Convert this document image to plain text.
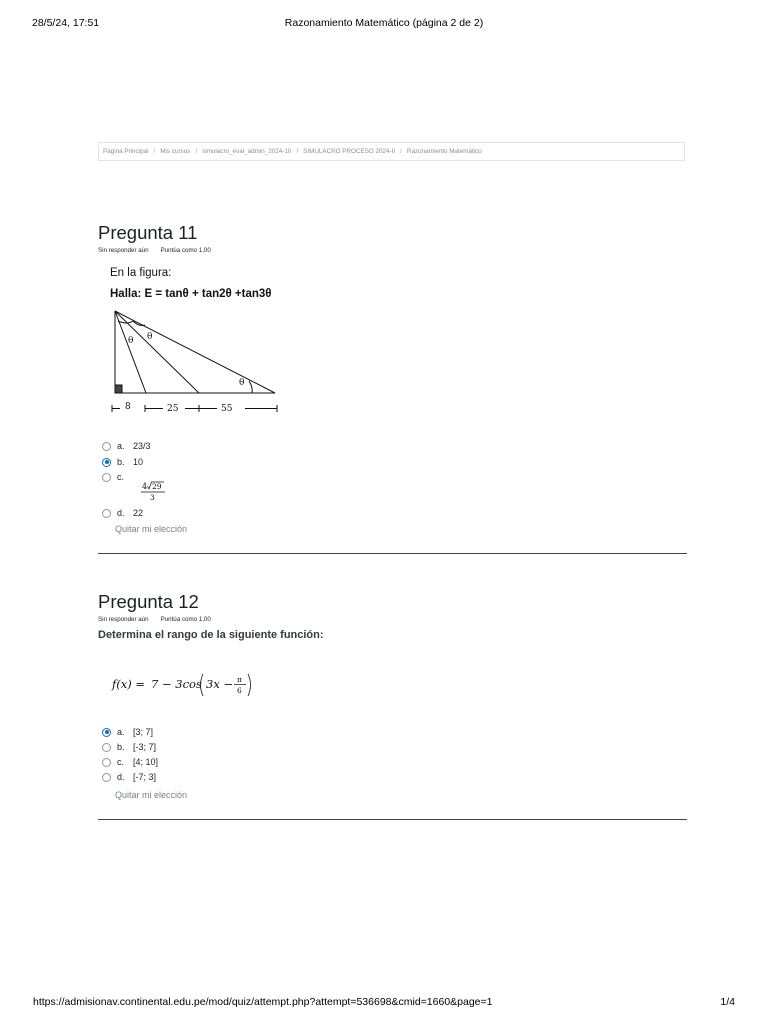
28/5/24, 17:51	Razonamiento Matemático (página 2 de 2)
Página Principal / Mis cursos / simulacro_eval_admin_2024-10 / SIMULACRO PROCESO 2024-II / Razonamiento Matemático
Pregunta 11
Sin responder aún Puntúa como 1,00
En la figura:
Halla: E = tanθ + tan2θ +tan3θ
θ θ
θ
8	25	55
a. 23/3
b. 10
c.
4 29
3
d. 22
Quitar mi elección
Pregunta 12
Sin responder aún Puntúa como 1,00
Determina el rango de la siguiente función:
f(x) = 7 − 3cos 3x − π
6
a. [3; 7]
b. [-3; 7]
c. [4; 10]
d. [-7; 3]
Quitar mi elección
https://admisionav.continental.edu.pe/mod/quiz/attempt.php?attempt=536698&cmid=1660&page=1	1/4
